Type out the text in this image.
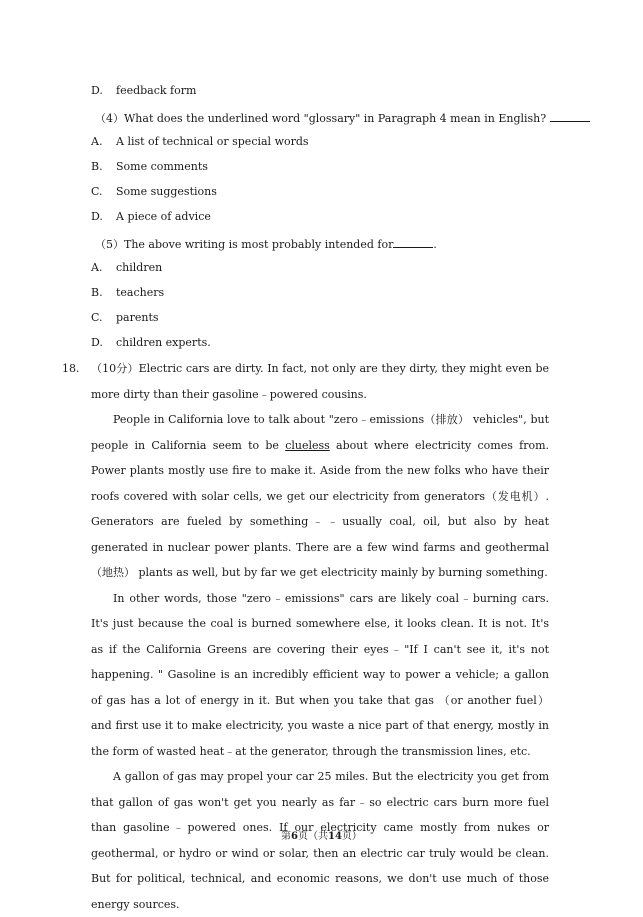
D. feedback form
（4）What does the underlined word "glossary" in Paragraph 4 mean in English?
A. A list of technical or special words
B. Some comments
C. Some suggestions
D. A piece of advice
（5）The above writing is most probably intended for	.
A. children
B. teachers
C. parents
D. children experts.
18. （10分）Electric cars are dirty. In fact, not only are they dirty, they might even be more dirty than their gasoline﹣powered cousins.

People in California love to talk about "zero﹣emissions（排放） vehicles", but people in California seem to be clueless about where electricity comes from. Power plants mostly use fire to make it. Aside from the new folks who have their roofs covered with solar cells, we get our electricity from generators（发电机）. Generators are fueled by something﹣﹣usually coal, oil, but also by heat generated in nuclear power plants. There are a few wind farms and geothermal（地热） plants as well, but by far we get electricity mainly by burning something.

In other words, those "zero﹣emissions" cars are likely coal﹣burning cars. It's just because the coal is burned somewhere else, it looks clean. It is not. It's as if the California Greens are covering their eyes﹣"If I can't see it, it's not happening. " Gasoline is an incredibly efficient way to power a vehicle; a gallon of gas has a lot of energy in it. But when you take that gas （or another fuel） and first use it to make electricity, you waste a nice part of that energy, mostly in the form of wasted heat﹣at the generator, through the transmission lines, etc.

A gallon of gas may propel your car 25 miles. But the electricity you get from that gallon of gas won't get you nearly as far﹣so electric cars burn more fuel than gasoline﹣powered ones. If our electricity came mostly from nukes or geothermal, or hydro or wind or solar, then an electric car truly would be clean. But for political, technical, and economic reasons, we don't use much of those energy sources.

第6页（共14页）
